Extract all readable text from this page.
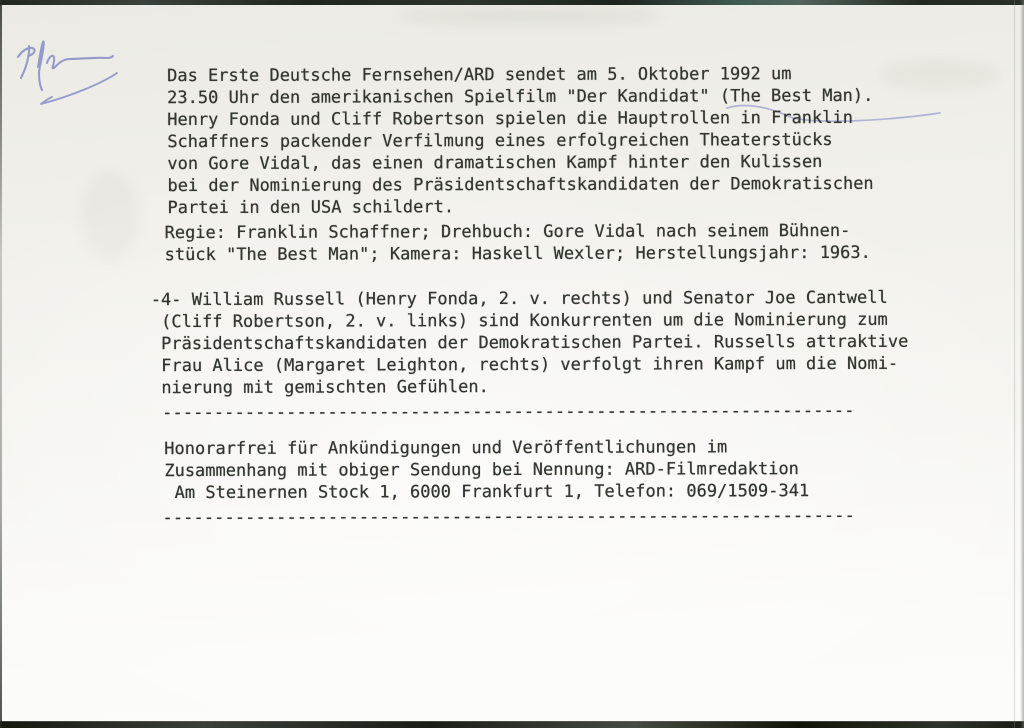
Das Erste Deutsche Fernsehen/ARD sendet am 5. Oktober 1992 um
23.50 Uhr den amerikanischen Spielfilm "Der Kandidat" (The Best Man).
Henry Fonda und Cliff Robertson spielen die Hauptrollen in Franklin
Schaffners packender Verfilmung eines erfolgreichen Theaterstücks
von Gore Vidal, das einen dramatischen Kampf hinter den Kulissen
bei der Nominierung des Präsidentschaftskandidaten der Demokratischen
Partei in den USA schildert.
Regie: Franklin Schaffner; Drehbuch: Gore Vidal nach seinem Bühnen-
stück "The Best Man"; Kamera: Haskell Wexler; Herstellungsjahr: 1963.
-4- William Russell (Henry Fonda, 2. v. rechts) und Senator Joe Cantwell
(Cliff Robertson, 2. v. links) sind Konkurrenten um die Nominierung zum
Präsidentschaftskandidaten der Demokratischen Partei. Russells attraktive
Frau Alice (Margaret Leighton, rechts) verfolgt ihren Kampf um die Nomi-
nierung mit gemischten Gefühlen.
-------------------------------------------------------------------
Honorarfrei für Ankündigungen und Veröffentlichungen im
Zusammenhang mit obiger Sendung bei Nennung: ARD-Filmredaktion
Am Steinernen Stock 1, 6000 Frankfurt 1, Telefon: 069/1509-341
-------------------------------------------------------------------
